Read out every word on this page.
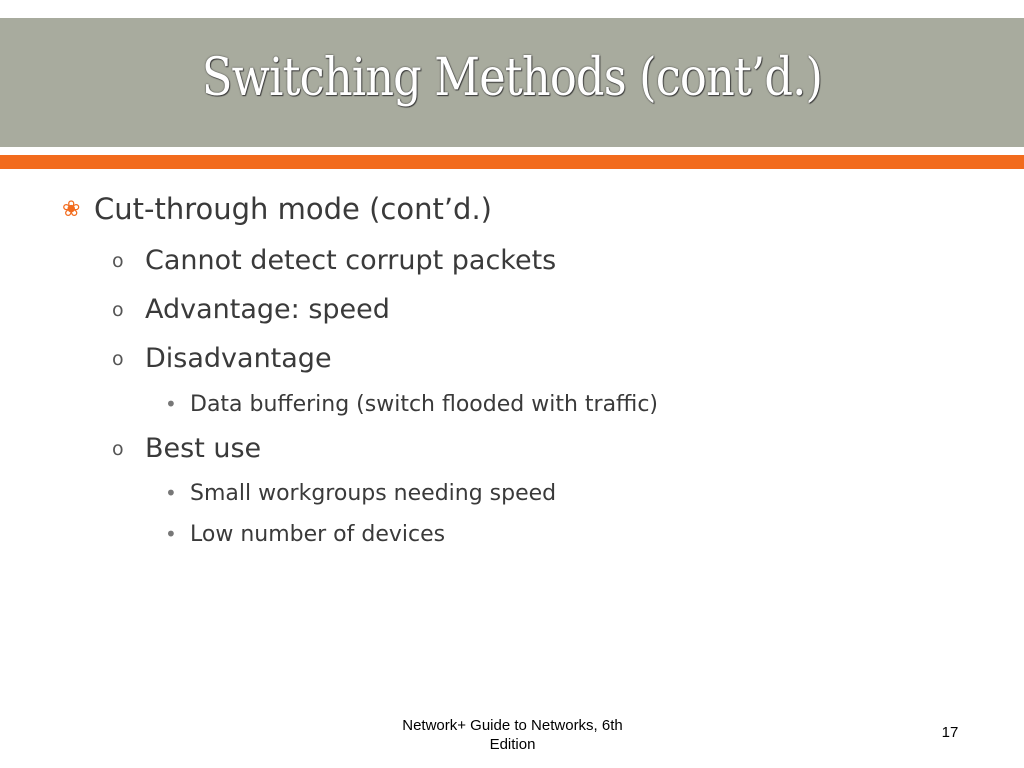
Switching Methods (cont’d.)
❀ Cut-through mode (cont’d.)
o Cannot detect corrupt packets
o Advantage: speed
o Disadvantage
• Data buffering (switch flooded with traffic)
o Best use
• Small workgroups needing speed
• Low number of devices
Network+ Guide to Networks, 6th
Edition
17
